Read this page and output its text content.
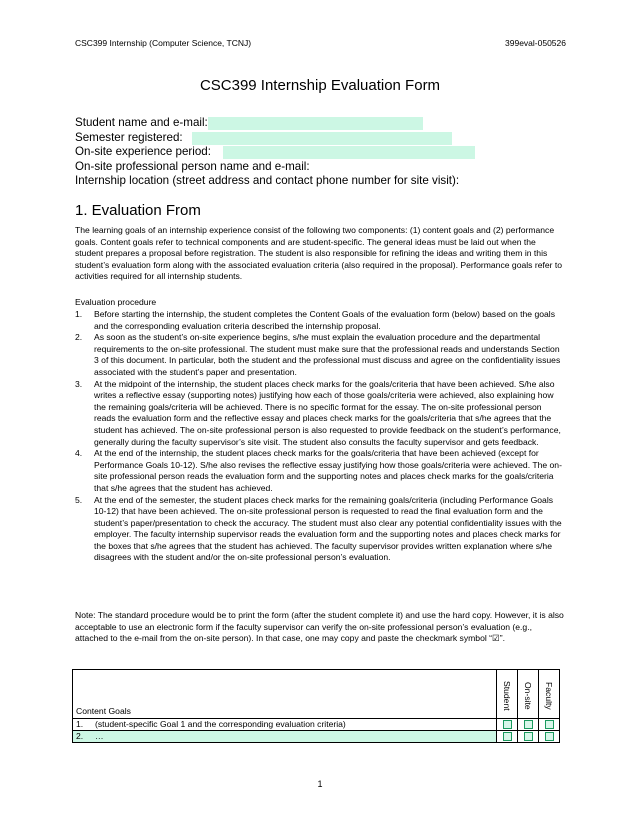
CSC399 Internship (Computer Science, TCNJ)	399eval-050526
CSC399 Internship Evaluation Form
Student name and e-mail:
Semester registered:
On-site experience period:
On-site professional person name and e-mail:
Internship location (street address and contact phone number for site visit):
1. Evaluation From

The learning goals of an internship experience consist of the following two components: (1) content goals and (2) performance goals. Content goals refer to technical components and are student-specific. The general ideas must be laid out when the student prepares a proposal before registration. The student is also responsible for refining the ideas and writing them in this student’s evaluation form along with the associated evaluation criteria (also required in the proposal). Performance goals refer to activities required for all internship students.

Evaluation procedure
1. Before starting the internship, the student completes the Content Goals of the evaluation form (below) based on the goals and the corresponding evaluation criteria described the internship proposal.
2. As soon as the student’s on-site experience begins, s/he must explain the evaluation procedure and the departmental requirements to the on-site professional. The student must make sure that the professional reads and understands Section 3 of this document. In particular, both the student and the professional must discuss and agree on the confidentiality issues associated with the student’s paper and presentation.
3. At the midpoint of the internship, the student places check marks for the goals/criteria that have been achieved. S/he also writes a reflective essay (supporting notes) justifying how each of those goals/criteria were achieved, also explaining how the remaining goals/criteria will be achieved. There is no specific format for the essay. The on-site professional person reads the evaluation form and the reflective essay and places check marks for the goals/criteria that s/he agrees that the student has achieved. The on-site professional person is also requested to provide feedback on the student’s performance, generally during the faculty supervisor’s site visit. The student also consults the faculty supervisor and gets feedback.
4. At the end of the internship, the student places check marks for the goals/criteria that have been achieved (except for Performance Goals 10-12). S/he also revises the reflective essay justifying how those goals/criteria were achieved. The on-site professional person reads the evaluation form and the supporting notes and places check marks for the goals/criteria that s/he agrees that the student has achieved.
5. At the end of the semester, the student places check marks for the remaining goals/criteria (including Performance Goals 10-12) that have been achieved. The on-site professional person is requested to read the final evaluation form and the student’s paper/presentation to check the accuracy. The student must also clear any potential confidentiality issues with the employer. The faculty internship supervisor reads the evaluation form and the supporting notes and places check marks for the boxes that s/he agrees that the student has achieved. The faculty supervisor provides written explanation where s/he disagrees with the student and/or the on-site professional person’s evaluation.
Note: The standard procedure would be to print the form (after the student complete it) and use the hard copy. However, it is also acceptable to use an electronic form if the faculty supervisor can verify the on-site professional person’s evaluation (e.g., attached to the e-mail from the on-site person). In that case, one may copy and paste the checkmark symbol “☑”.
Content Goals	Student	On-site	Faculty

1. (student-specific Goal 1 and the corresponding evaluation criteria)			
2. …			
1
